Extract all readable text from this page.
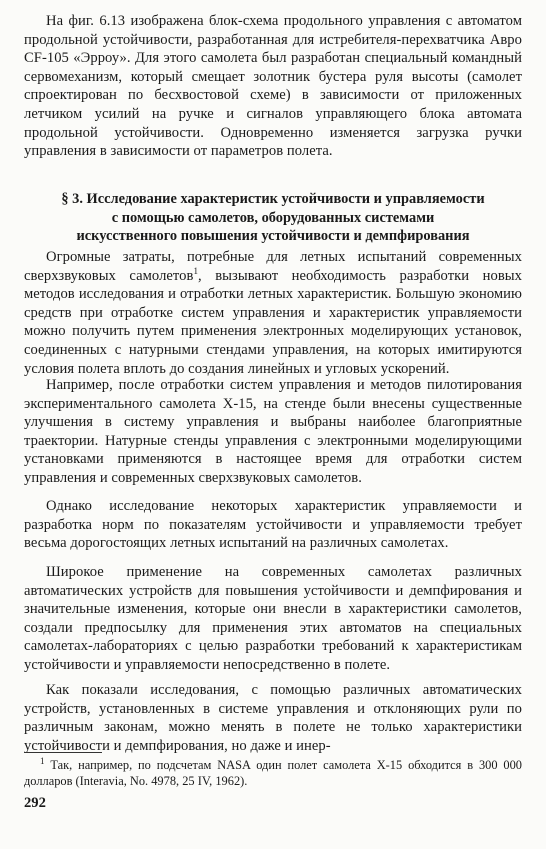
На фиг. 6.13 изображена блок-схема продольного управления с автоматом продольной устойчивости, разработанная для истребителя-перехватчика Авро CF-105 «Эрроу». Для этого самолета был разработан специальный командный сервомеханизм, который смещает золотник бустера руля высоты (самолет спроектирован по бесхвостовой схеме) в зависимости от приложенных летчиком усилий на ручке и сигналов управляющего блока автомата продольной устойчивости. Одновременно изменяется загрузка ручки управления в зависимости от параметров полета.

§ 3. Исследование характеристик устойчивости и управляемости
с помощью самолетов, оборудованных системами
искусственного повышения устойчивости и демпфирования

Огромные затраты, потребные для летных испытаний современных сверхзвуковых самолетов$^1$, вызывают необходимость разработки новых методов исследования и отработки летных характеристик. Большую экономию средств при отработке систем управления и характеристик управляемости можно получить путем применения электронных моделирующих установок, соединенных с натурными стендами управления, на которых имитируются условия полета вплоть до создания линейных и угловых ускорений.

Например, после отработки систем управления и методов пилотирования экспериментального самолета Х-15, на стенде были внесены существенные улучшения в систему управления и выбраны наиболее благоприятные траектории. Натурные стенды управления с электронными моделирующими установками применяются в настоящее время для отработки систем управления и современных сверхзвуковых самолетов.

Однако исследование некоторых характеристик управляемости и разработка норм по показателям устойчивости и управляемости требует весьма дорогостоящих летных испытаний на различных самолетах.

Широкое применение на современных самолетах различных автоматических устройств для повышения устойчивости и демпфирования и значительные изменения, которые они внесли в характеристики самолетов, создали предпосылку для применения этих автоматов на специальных самолетах-лабораториях с целью разработки требований к характеристикам устойчивости и управляемости непосредственно в полете.

Как показали исследования, с помощью различных автоматических устройств, установленных в системе управления и отклоняющих рули по различным законам, можно менять в полете не только характеристики устойчивости и демпфирования, но даже и инер-

$^1$ Так, например, по подсчетам NASA один полет самолета Х-15 обходится в 300 000 долларов (Interavia, No. 4978, 25 IV, 1962).
292
